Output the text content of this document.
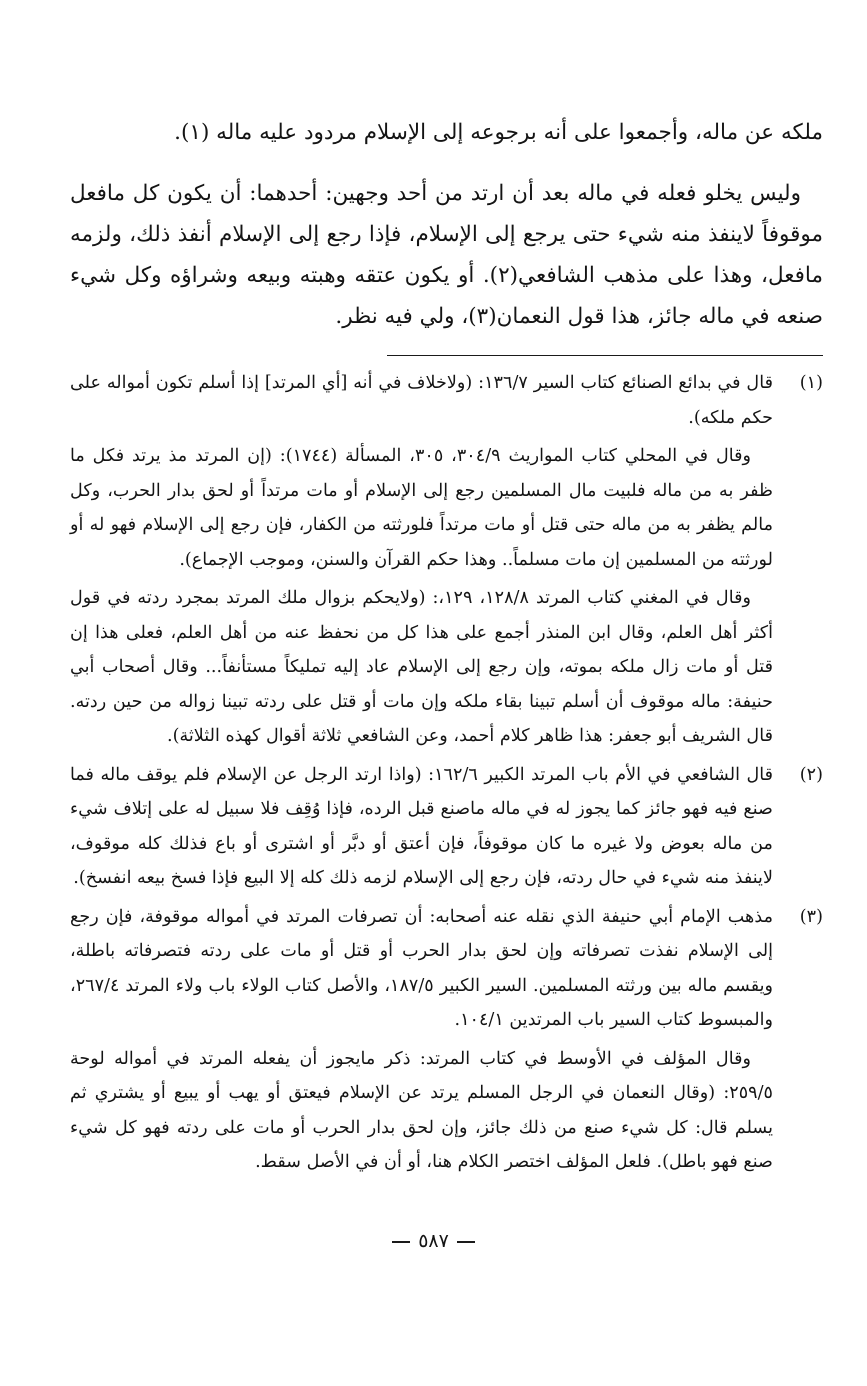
ملكه عن ماله، وأجمعوا على أنه برجوعه إلى الإسلام مردود عليه ماله (١).

وليس يخلو فعله في ماله بعد أن ارتد من أحد وجهين: أحدهما: أن يكون كل مافعل موقوفاً لاينفذ منه شيء حتى يرجع إلى الإسلام، فإذا رجع إلى الإسلام أنفذ ذلك، ولزمه مافعل، وهذا على مذهب الشافعي(٢). أو يكون عتقه وهبته وبيعه وشراؤه وكل شيء صنعه في ماله جائز، هذا قول النعمان(٣)، ولي فيه نظر.

(١)

قال في بدائع الصنائع كتاب السير ١٣٦/٧: (ولاخلاف في أنه [أي المرتد] إذا أسلم تكون أمواله على حكم ملكه).

وقال في المحلي كتاب المواريث ٣٠٤/٩، ٣٠٥، المسألة (١٧٤٤): (إن المرتد مذ يرتد فكل ما ظفر به من ماله فلبيت مال المسلمين رجع إلى الإسلام أو مات مرتداً أو لحق بدار الحرب، وكل مالم يظفر به من ماله حتى قتل أو مات مرتداً فلورثته من الكفار، فإن رجع إلى الإسلام فهو له أو لورثته من المسلمين إن مات مسلماً.. وهذا حكم القرآن والسنن، وموجب الإجماع).

وقال في المغني كتاب المرتد ١٢٨/٨، ١٢٩،: (ولايحكم بزوال ملك المرتد بمجرد ردته في قول أكثر أهل العلم، وقال ابن المنذر أجمع على هذا كل من نحفظ عنه من أهل العلم، فعلى هذا إن قتل أو مات زال ملكه بموته، وإن رجع إلى الإسلام عاد إليه تمليكاً مستأنفاً... وقال أصحاب أبي حنيفة: ماله موقوف أن أسلم تبينا بقاء ملكه وإن مات أو قتل على ردته تبينا زواله من حين ردته. قال الشريف أبو جعفر: هذا ظاهر كلام أحمد، وعن الشافعي ثلاثة أقوال كهذه الثلاثة).

(٢)

قال الشافعي في الأم باب المرتد الكبير ١٦٢/٦: (واذا ارتد الرجل عن الإسلام فلم يوقف ماله فما صنع فيه فهو جائز كما يجوز له في ماله ماصنع قبل الرده، فإذا وُقِف فلا سبيل له على إتلاف شيء من ماله بعوض ولا غيره ما كان موقوفاً، فإن أعتق أو دبَّر أو اشترى أو باع فذلك كله موقوف، لاينفذ منه شيء في حال ردته، فإن رجع إلى الإسلام لزمه ذلك كله إلا البيع فإذا فسخ بيعه انفسخ).

(٣)

مذهب الإمام أبي حنيفة الذي نقله عنه أصحابه: أن تصرفات المرتد في أمواله موقوفة، فإن رجع إلى الإسلام نفذت تصرفاته وإن لحق بدار الحرب أو قتل أو مات على ردته فتصرفاته باطلة، ويقسم ماله بين ورثته المسلمين. السير الكبير ١٨٧/٥، والأصل كتاب الولاء باب ولاء المرتد ٢٦٧/٤، والمبسوط كتاب السير باب المرتدين ١٠٤/١.

وقال المؤلف في الأوسط في كتاب المرتد: ذكر مايجوز أن يفعله المرتد في أمواله لوحة ٢٥٩/٥: (وقال النعمان في الرجل المسلم يرتد عن الإسلام فيعتق أو يهب أو يبيع أو يشتري ثم يسلم قال: كل شيء صنع من ذلك جائز، وإن لحق بدار الحرب أو مات على ردته فهو كل شيء صنع فهو باطل). فلعل المؤلف اختصر الكلام هنا، أو أن في الأصل سقط.

٥٨٧
